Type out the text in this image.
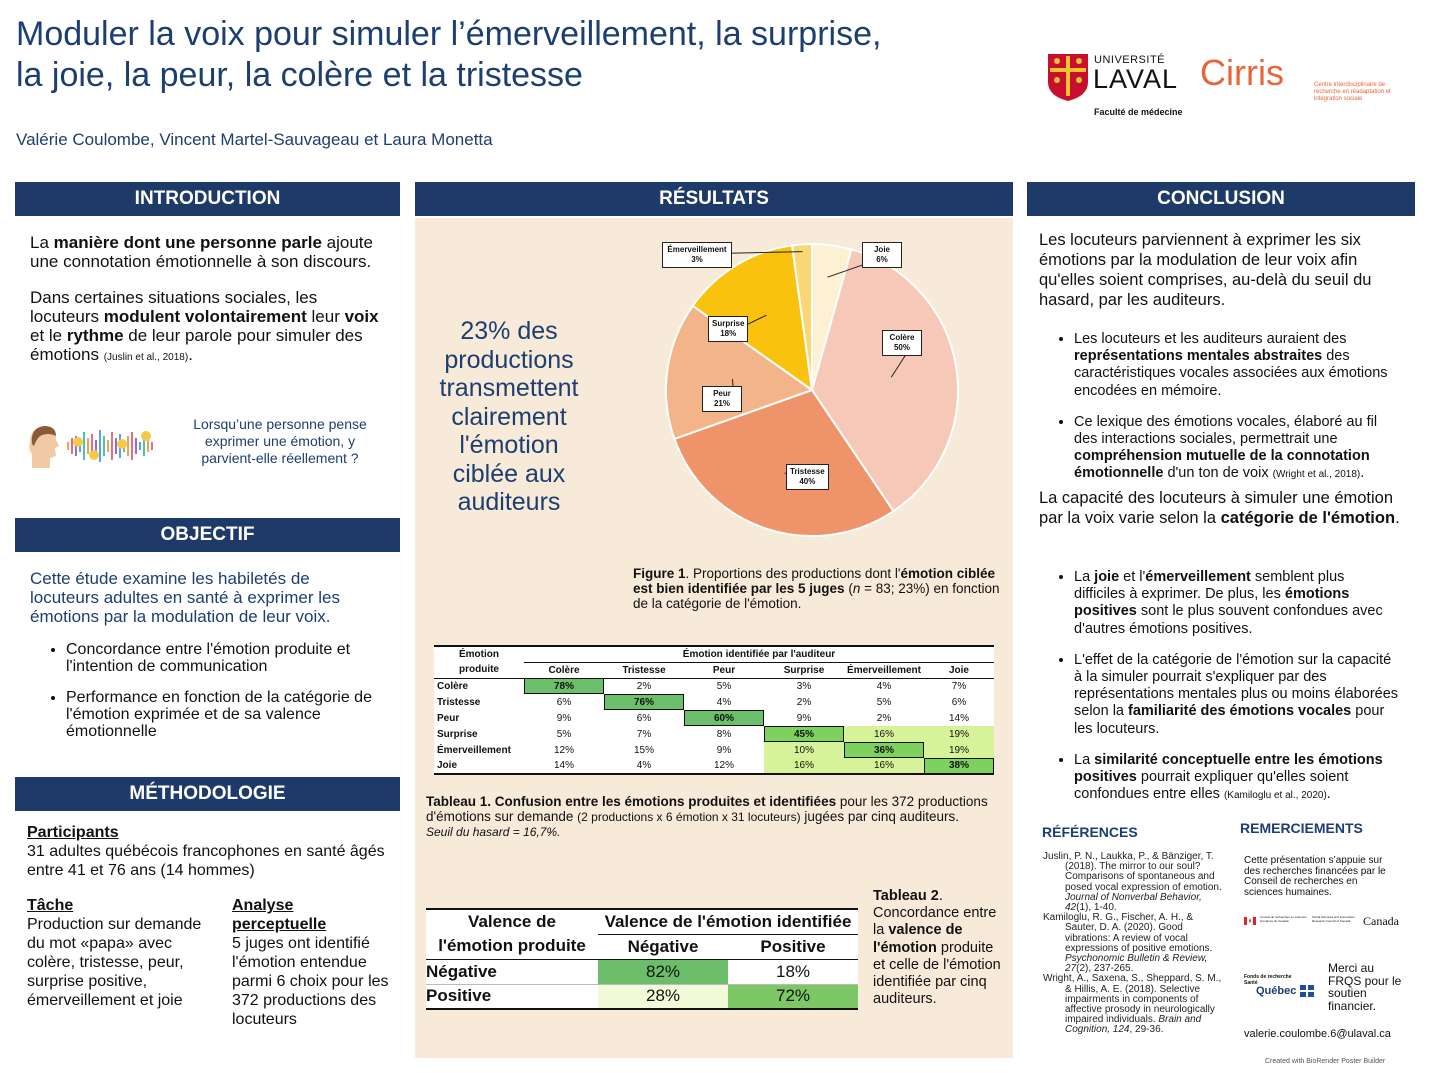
Moduler la voix pour simuler l’émerveillement, la surprise,
la joie, la peur, la colère et la tristesse
Valérie Coulombe, Vincent Martel-Sauvageau et Laura Monetta
UNIVERSITÉ
LAVAL
Faculté de médecine
Cirris	Centre interdisciplinaire de recherche en réadaptation et intégration sociale
INTRODUCTION

La manière dont une personne parle ajoute une connotation émotionnelle à son discours.

Dans certaines situations sociales, les locuteurs modulent volontairement leur voix et le rythme de leur parole pour simuler des émotions (Juslin et al., 2018).

Lorsqu’une personne pense exprimer une émotion, y parvient-elle réellement ?
OBJECTIF
Cette étude examine les habiletés de locuteurs adultes en santé à exprimer les émotions par la modulation de leur voix.
• Concordance entre l'émotion produite et l'intention de communication
• Performance en fonction de la catégorie de l'émotion exprimée et de sa valence émotionnelle
MÉTHODOLOGIE
Participants
31 adultes québécois francophones en santé âgés entre 41 et 76 ans (14 hommes)
Tâche
Production sur demande du mot «papa» avec colère, tristesse, peur, surprise positive, émerveillement et joie
Analyse perceptuelle
5 juges ont identifié l'émotion entendue parmi 6 choix pour les 372 productions des locuteurs
RÉSULTATS
23% des productions transmettent clairement l'émotion ciblée aux auditeurs
Figure 1. Proportions des productions dont l'émotion ciblée est bien identifiée par les 5 juges (n = 83; 23%) en fonction de la catégorie de l'émotion.
Émotion	Émotion identifiée par l'auditeur					
produite	Colère	Tristesse	Peur	Surprise	Émerveillement	Joie
Colère	78%	2%	5%	3%	4%	7%
Tristesse	6%	76%	4%	2%	5%	6%
Peur	9%	6%	60%	9%	2%	14%
Surprise	5%	7%	8%	45%	16%	19%
Émerveillement	12%	15%	9%	10%	36%	19%
Joie	14%	4%	12%	16%	16%	38%
Tableau 1. Confusion entre les émotions produites et identifiées pour les 372 productions d'émotions sur demande (2 productions x 6 émotion x 31 locuteurs) jugées par cinq auditeurs.
Seuil du hasard = 16,7%.
Valence de	Valence de l'émotion identifiée	
l'émotion produite	Négative	Positive
Négative	82%	18%
Positive	28%	72%
Tableau 2. Concordance entre la valence de l'émotion produite et celle de l'émotion identifiée par cinq auditeurs.
CONCLUSION
Les locuteurs parviennent à exprimer les six émotions par la modulation de leur voix afin qu'elles soient comprises, au-delà du seuil du hasard, par les auditeurs.
• Les locuteurs et les auditeurs auraient des représentations mentales abstraites des caractéristiques vocales associées aux émotions encodées en mémoire.
• Ce lexique des émotions vocales, élaboré au fil des interactions sociales, permettrait une compréhension mutuelle de la connotation émotionnelle d'un ton de voix (Wright et al., 2018).
La capacité des locuteurs à simuler une émotion par la voix varie selon la catégorie de l'émotion.
• La joie et l'émerveillement semblent plus difficiles à exprimer. De plus, les émotions positives sont le plus souvent confondues avec d'autres émotions positives.
• L'effet de la catégorie de l'émotion sur la capacité à la simuler pourrait s'expliquer par des représentations mentales plus ou moins élaborées selon la familiarité des émotions vocales pour les locuteurs.
• La similarité conceptuelle entre les émotions positives pourrait expliquer qu'elles soient confondues entre elles (Kamiloglu et al., 2020).
RÉFÉRENCES

Juslin, P. N., Laukka, P., & Bänziger, T. (2018). The mirror to our soul? Comparisons of spontaneous and posed vocal expression of emotion. Journal of Nonverbal Behavior, 42(1), 1-40.

Kamiloglu, R. G., Fischer, A. H., & Sauter, D. A. (2020). Good vibrations: A review of vocal expressions of positive emotions. Psychonomic Bulletin & Review, 27(2), 237-265.

Wright, A., Saxena, S., Sheppard, S. M., & Hillis, A. E. (2018). Selective impairments in components of affective prosody in neurologically impaired individuals. Brain and Cognition, 124, 29-36.

REMERCIEMENTS
Cette présentation s’appuie sur des recherches financées par le Conseil de recherches en sciences humaines.
Conseil de recherches en sciences humaines du Canada
Social Sciences and Humanities Research Council of Canada	Canada
Fonds de recherche Santé
Québec
Merci au FRQS pour le soutien financier.
valerie.coulombe.6@ulaval.ca
Created with BioRender Poster Builder
Joie
6%
Colère
50%
Tristesse
40%
Peur
21%
Surprise
18%
Émerveillement
3%
